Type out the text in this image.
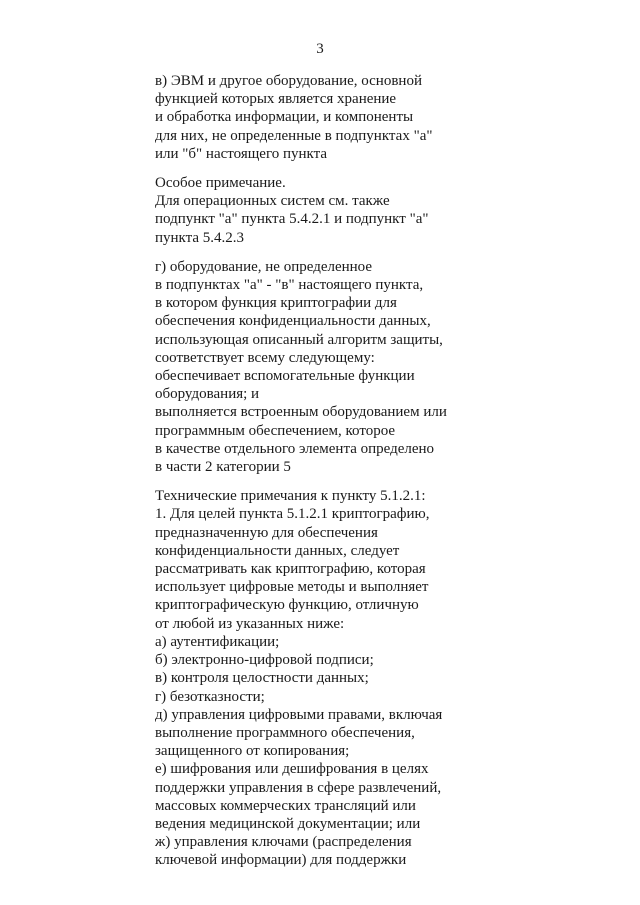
3

в) ЭВМ и другое оборудование, основной
функцией которых является хранение
и обработка информации, и компоненты
для них, не определенные в подпунктах "а"
или "б" настоящего пункта

Особое примечание.
Для операционных систем см. также
подпункт "а" пункта 5.4.2.1 и подпункт "а"
пункта 5.4.2.3

г) оборудование, не определенное
в подпунктах "а" - "в" настоящего пункта,
в котором функция криптографии для
обеспечения конфиденциальности данных,
использующая описанный алгоритм защиты,
соответствует всему следующему:
обеспечивает вспомогательные функции
оборудования; и
выполняется встроенным оборудованием или
программным обеспечением, которое
в качестве отдельного элемента определено
в части 2 категории 5

Технические примечания к пункту 5.1.2.1:
1. Для целей пункта 5.1.2.1 криптографию,
предназначенную для обеспечения
конфиденциальности данных, следует
рассматривать как криптографию, которая
использует цифровые методы и выполняет
криптографическую функцию, отличную
от любой из указанных ниже:
а) аутентификации;
б) электронно-цифровой подписи;
в) контроля целостности данных;
г) безотказности;
д) управления цифровыми правами, включая
выполнение программного обеспечения,
защищенного от копирования;
е) шифрования или дешифрования в целях
поддержки управления в сфере развлечений,
массовых коммерческих трансляций или
ведения медицинской документации; или
ж) управления ключами (распределения
ключевой информации) для поддержки
